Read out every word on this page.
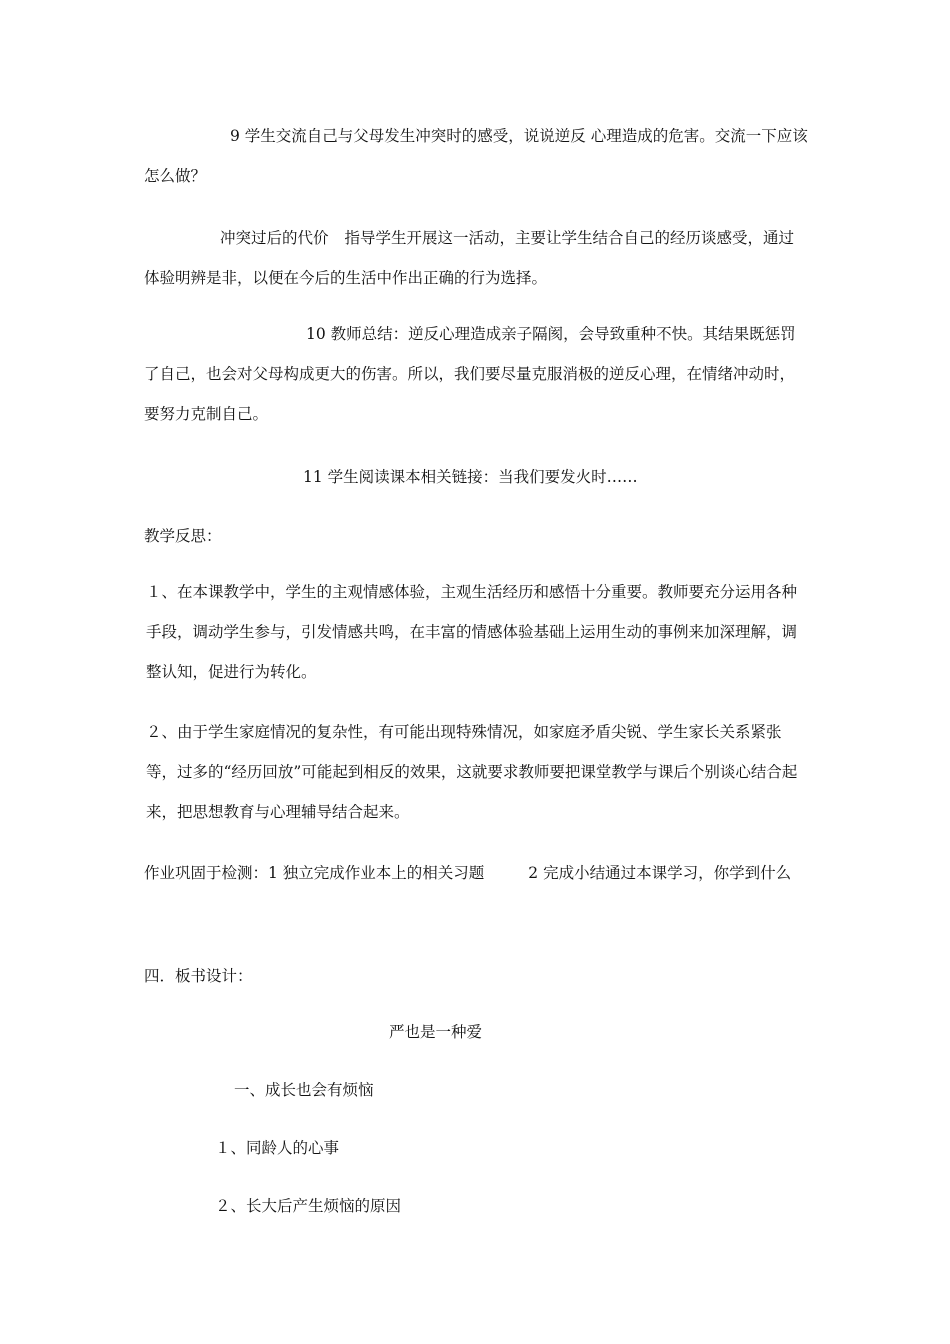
9 学生交流自己与父母发生冲突时的感受，说说逆反 心理造成的危害。交流一下应该怎么做？

冲突过后的代价 指导学生开展这一活动，主要让学生结合自己的经历谈感受，通过体验明辨是非，以便在今后的生活中作出正确的行为选择。

10 教师总结：逆反心理造成亲子隔阂，会导致重种不快。其结果既惩罚了自己，也会对父母构成更大的伤害。所以，我们要尽量克服消极的逆反心理，在情绪冲动时，要努力克制自己。

11 学生阅读课本相关链接：当我们要发火时……

教学反思：

１、在本课教学中，学生的主观情感体验，主观生活经历和感悟十分重要。教师要充分运用各种手段，调动学生参与，引发情感共鸣，在丰富的情感体验基础上运用生动的事例来加深理解，调整认知，促进行为转化。

２、由于学生家庭情况的复杂性，有可能出现特殊情况，如家庭矛盾尖锐、学生家长关系紧张等，过多的“经历回放”可能起到相反的效果，这就要求教师要把课堂教学与课后个别谈心结合起来，把思想教育与心理辅导结合起来。

作业巩固于检测：1 独立完成作业本上的相关习题	2 完成小结通过本课学习，你学到什么

四．板书设计：

严也是一种爱

一、成长也会有烦恼

１、同龄人的心事

２、长大后产生烦恼的原因
